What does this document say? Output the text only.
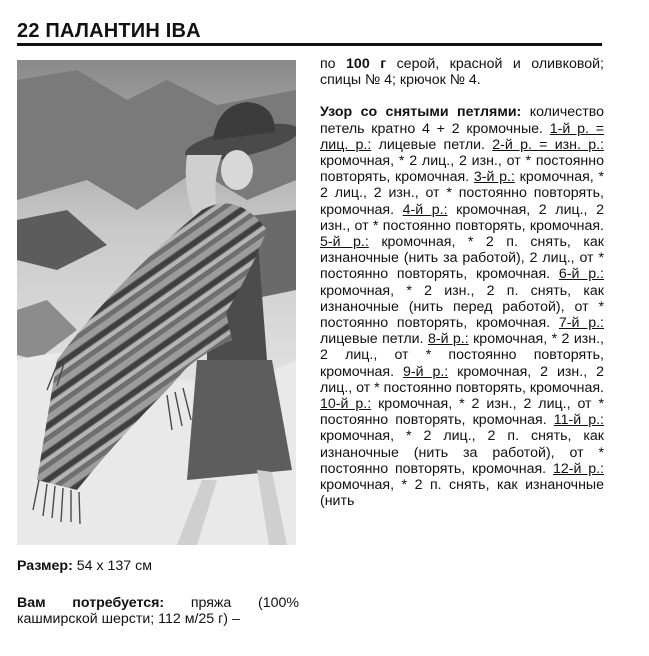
22 ПАЛАНТИН IBA
Размер: 54 x 137 см
Вам потребуется: пряжа (100% кашмирской шерсти; 112 м/25 г) –

по 100 г серой, красной и оливковой; спицы № 4; крючок № 4.

Узор со снятыми петлями: количество петель кратно 4 + 2 кромочные. 1-й р. = лиц. р.: лицевые петли. 2-й р. = изн. р.: кромочная, * 2 лиц., 2 изн., от * постоянно повторять, кромочная. 3-й р.: кромочная, * 2 лиц., 2 изн., от * постоянно повторять, кромочная. 4-й р.: кромочная, 2 лиц., 2 изн., от * постоянно повторять, кромочная. 5-й р.: кромочная, * 2 п. снять, как изнаночные (нить за работой), 2 лиц., от * постоянно повторять, кромочная. 6-й р.: кромочная, * 2 изн., 2 п. снять, как изнаночные (нить перед работой), от * постоянно повторять, кромочная. 7-й р.: лицевые петли. 8-й р.: кромочная, * 2 изн., 2 лиц., от * постоянно повторять, кромочная. 9-й р.: кромочная, 2 изн., 2 лиц., от * постоянно повторять, кромочная. 10-й р.: кромочная, * 2 изн., 2 лиц., от * постоянно повторять, кромочная. 11-й р.: кромочная, * 2 лиц., 2 п. снять, как изнаночные (нить за работой), от * постоянно повторять, кромочная. 12-й р.: кромочная, * 2 п. снять, как изнаночные (нить
